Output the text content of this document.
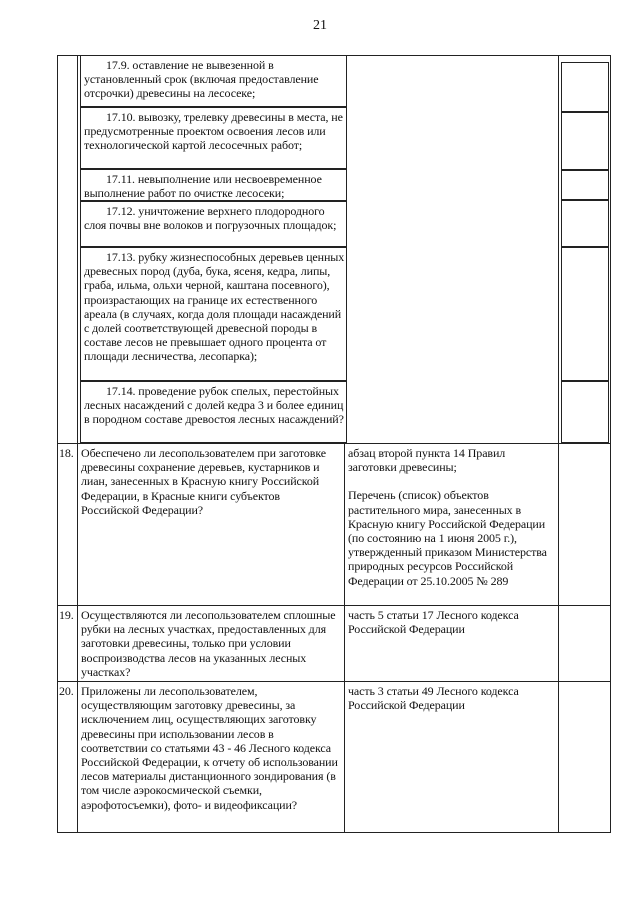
21
17.9. оставление не вывезенной в установленный срок (включая предоставление отсрочки) древесины на лесосеке;
17.10. вывозку, трелевку древесины в места, не предусмотренные проектом освоения лесов или технологической картой лесосечных работ;
17.11. невыполнение или несвоевременное выполнение работ по очистке лесосеки;
17.12. уничтожение верхнего плодородного слоя почвы вне волоков и погрузочных площадок;
17.13. рубку жизнеспособных деревьев ценных древесных пород (дуба, бука, ясеня, кедра, липы, граба, ильма, ольхи черной, каштана посевного), произрастающих на границе их естественного ареала (в случаях, когда доля площади насаждений с долей соответствующей древесной породы в составе лесов не превышает одного процента от площади лесничества, лесопарка);
17.14. проведение рубок спелых, перестойных лесных насаждений с долей кедра 3 и более единиц в породном составе древостоя лесных насаждений?
18. Обеспечено ли лесопользователем при заготовке древесины сохранение деревьев, кустарников и лиан, занесенных в Красную книгу Российской Федерации, в Красные книги субъектов Российской Федерации?

абзац второй пункта 14 Правил заготовки древесины;

Перечень (список) объектов растительного мира, занесенных в Красную книгу Российской Федерации (по состоянию на 1 июня 2005 г.), утвержденный приказом Министерства природных ресурсов Российской Федерации от 25.10.2005 № 289

19. Осуществляются ли лесопользователем сплошные рубки на лесных участках, предоставленных для заготовки древесины, только при условии воспроизводства лесов на указанных лесных участках?
часть 5 статьи 17 Лесного кодекса Российской Федерации
20. Приложены ли лесопользователем, осуществляющим заготовку древесины, за исключением лиц, осуществляющих заготовку древесины при использовании лесов в соответствии со статьями 43 - 46 Лесного кодекса Российской Федерации, к отчету об использовании лесов материалы дистанционного зондирования (в том числе аэрокосмической съемки, аэрофотосъемки), фото- и видеофиксации?
часть 3 статьи 49 Лесного кодекса Российской Федерации
